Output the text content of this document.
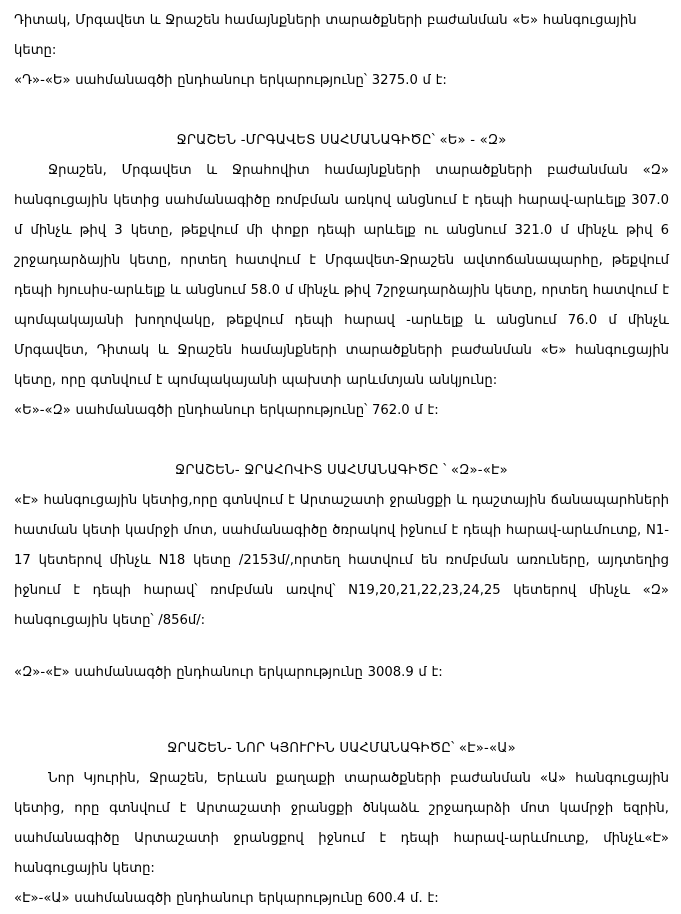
Դիտակ, Մրգավետ և Ջրաշեն համայնքների տարածքների բաժանման «Ե» հանգուցային կետը:

«Դ»-«Ե» սահմանագծի ընդհանուր երկարությունը՝ 3275.0 մ է:

ՋՐԱՇԵՆ -ՄՐԳԱՎԵՏ ՍԱՀՄԱՆԱԳԻԾԸ՝ «Ե» - «Զ»

Ջրաշեն, Մրգավետ և Ջրահովիտ համայնքների տարածքների բաժանման «Զ» հանգուցային կետից սահմանագիծը ռոմբման առկով անցնում է դեպի հարավ-արևելք 307.0 մ մինչև թիվ 3 կետը, թեքվում մի փոքր դեպի արևելք ու անցնում 321.0 մ մինչև թիվ 6 շրջադարձային կետը, որտեղ հատվում է Մրգավետ-Ջրաշեն ավտոճանապարհը, թեքվում դեպի հյուսիս-արևելք և անցնում 58.0 մ մինչև թիվ 7շրջադարձային կետը, որտեղ հատվում է պոմպակայանի խողովակը, թեքվում դեպի հարավ -արևելք և անցնում 76.0 մ մինչև Մրգավետ, Դիտակ և Ջրաշեն համայնքների տարածքների բաժանման «Ե» հանգուցային կետը, որը գտնվում է պոմպակայանի պախտի արևմտյան անկյունը:

«Ե»-«Զ» սահմանագծի ընդհանուր երկարությունը՝ 762.0 մ է:

ՋՐԱՇԵՆ- ՋՐԱՀՈՎԻՏ ՍԱՀՄԱՆԱԳԻԾԸ ՝ «Զ»-«Է»

«Է» հանգուցային կետից,որը գտնվում է Արտաշատի ջրանցքի և դաշտային ճանապարհների հատման կետի կամրջի մոտ, սահմանագիծը ծռրակով իջնում է դեպի հարավ-արևմուտք, N1-17 կետերով մինչև N18 կետը /2153մ/,որտեղ հատվում են ռոմբման առուները, այդտեղից իջնում է դեպի հարավ՝ ռոմբման առվով՝ N19,20,21,22,23,24,25 կետերով մինչև «Զ» հանգուցային կետը՝ /856մ/:

«Զ»-«Է» սահմանագծի ընդհանուր երկարությունը 3008.9 մ է:

ՋՐԱՇԵՆ- ՆՈՐ ԿՅՈՒՐԻՆ ՍԱՀՄԱՆԱԳԻԾԸ՝ «Է»-«Ա»

Նոր Կյուրին, Ջրաշեն, Երևան քաղաքի տարածքների բաժանման «Ա» հանգուցային կետից, որը գտնվում է Արտաշատի ջրանցքի ծնկաձև շրջադարձի մոտ կամրջի եզրին, սահմանագիծը Արտաշատի ջրանցքով իջնում է դեպի հարավ-արևմուտք, մինչև«Է» հանգուցային կետը:

«Է»-«Ա» սահմանագծի ընդհանուր երկարությունը 600.4 մ․ է:
